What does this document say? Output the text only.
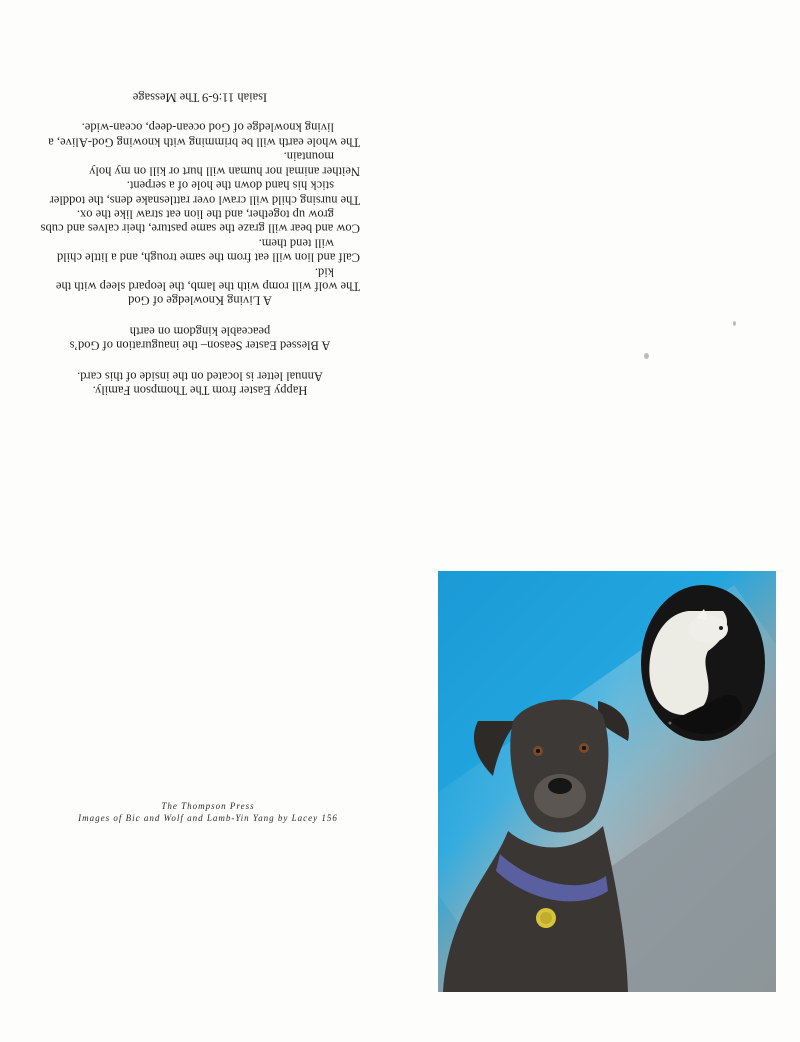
Happy Easter from The Thompson Family.

Annual letter is located on the inside of this card.

A Blessed Easter Season– the inauguration of God’s

peaceable kingdom on earth

A Living Knowledge of God

The wolf will romp with the lamb, the leopard sleep with the kid.

Calf and lion will eat from the same trough, and a little child will tend them.

Cow and bear will graze the same pasture, their calves and cubs grow up together, and the lion eat straw like the ox.

The nursing child will crawl over rattlesnake dens, the toddler stick his hand down the hole of a serpent.

Neither animal nor human will hurt or kill on my holy mountain.

The whole earth will be brimming with knowing God-Alive, a living knowledge of God ocean-deep, ocean-wide.

Isaiah 11:6-9 The Message

The Thompson Press

Images of Bic and Wolf and Lamb-Yin Yang by Lacey 156
